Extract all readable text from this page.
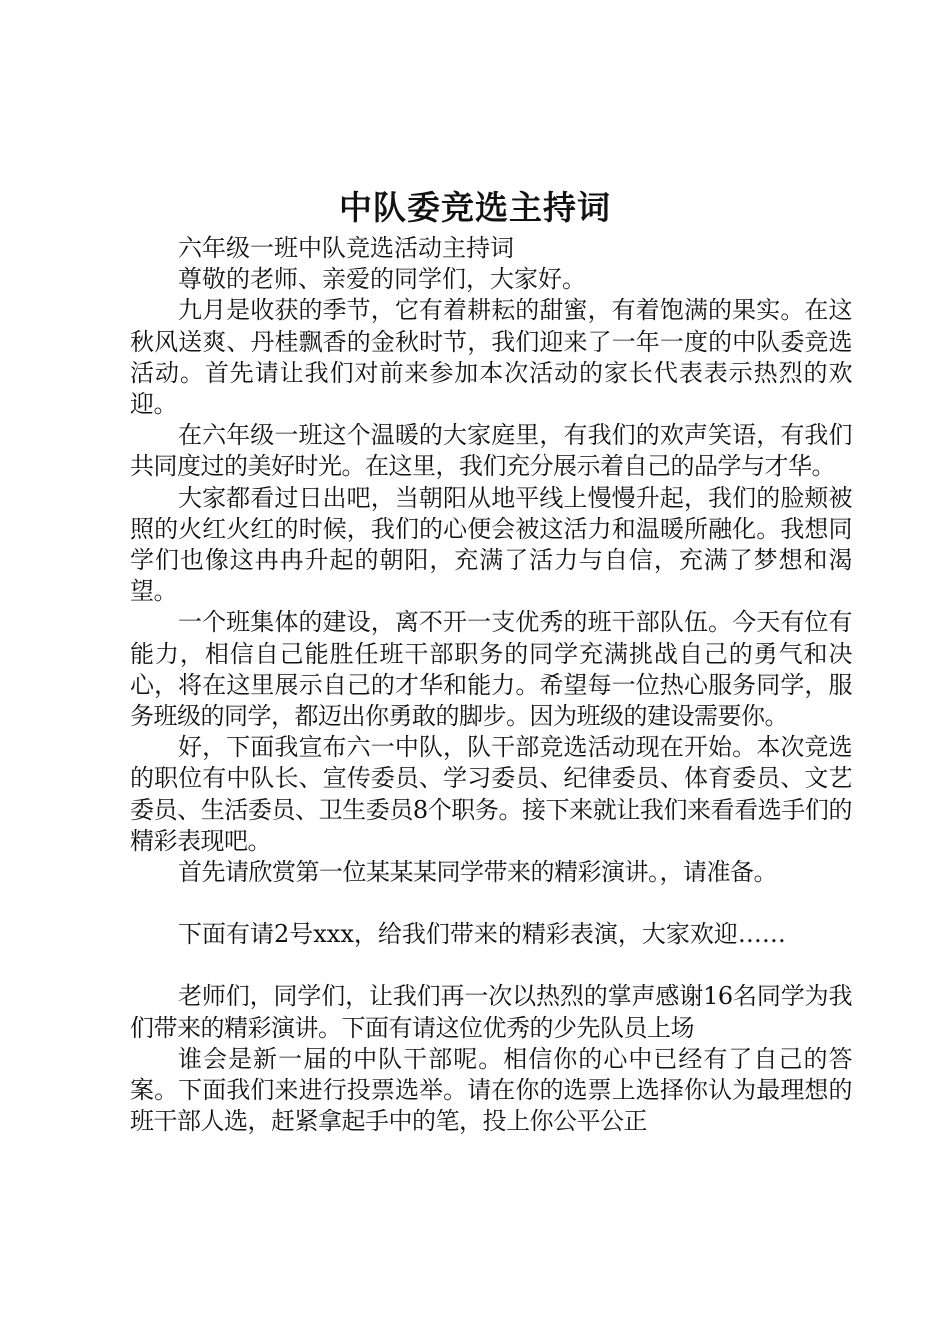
中队委竞选主持词

六年级一班中队竞选活动主持词

尊敬的老师、亲爱的同学们，大家好。

九月是收获的季节，它有着耕耘的甜蜜，有着饱满的果实。在这秋风送爽、丹桂飘香的金秋时节，我们迎来了一年一度的中队委竞选活动。首先请让我们对前来参加本次活动的家长代表表示热烈的欢迎。

在六年级一班这个温暖的大家庭里，有我们的欢声笑语，有我们共同度过的美好时光。在这里，我们充分展示着自己的品学与才华。

大家都看过日出吧，当朝阳从地平线上慢慢升起，我们的脸颊被照的火红火红的时候，我们的心便会被这活力和温暖所融化。我想同学们也像这冉冉升起的朝阳，充满了活力与自信，充满了梦想和渴望。

一个班集体的建设，离不开一支优秀的班干部队伍。今天有位有能力，相信自己能胜任班干部职务的同学充满挑战自己的勇气和决心，将在这里展示自己的才华和能力。希望每一位热心服务同学，服务班级的同学，都迈出你勇敢的脚步。因为班级的建设需要你。

好，下面我宣布六一中队，队干部竞选活动现在开始。本次竞选的职位有中队长、宣传委员、学习委员、纪律委员、体育委员、文艺委员、生活委员、卫生委员8个职务。接下来就让我们来看看选手们的精彩表现吧。

首先请欣赏第一位某某某同学带来的精彩演讲。，请准备。

下面有请2号xxx，给我们带来的精彩表演，大家欢迎……

老师们，同学们，让我们再一次以热烈的掌声感谢16名同学为我们带来的精彩演讲。下面有请这位优秀的少先队员上场

谁会是新一届的中队干部呢。相信你的心中已经有了自己的答案。下面我们来进行投票选举。请在你的选票上选择你认为最理想的班干部人选，赶紧拿起手中的笔，投上你公平公正
